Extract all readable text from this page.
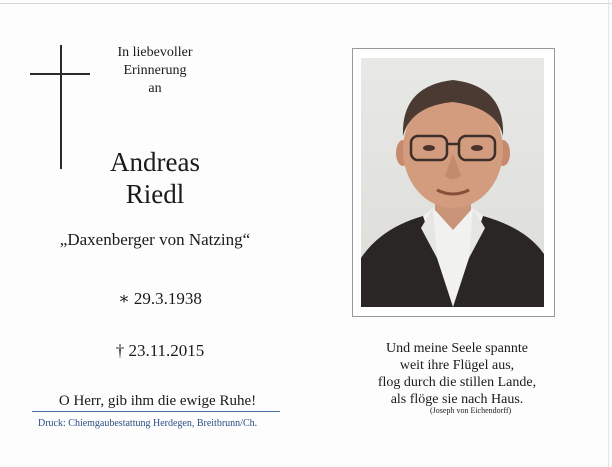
In liebevoller
Erinnerung
an
Andreas
Riedl
„Daxenberger von Natzing“
∗ 29.3.1938
† 23.11.2015
O Herr, gib ihm die ewige Ruhe!
Druck: Chiemgaubestattung Herdegen, Breitbrunn/Ch.
Und meine Seele spannte
weit ihre Flügel aus,
flog durch die stillen Lande,
als flöge sie nach Haus.
(Joseph von Eichendorff)
